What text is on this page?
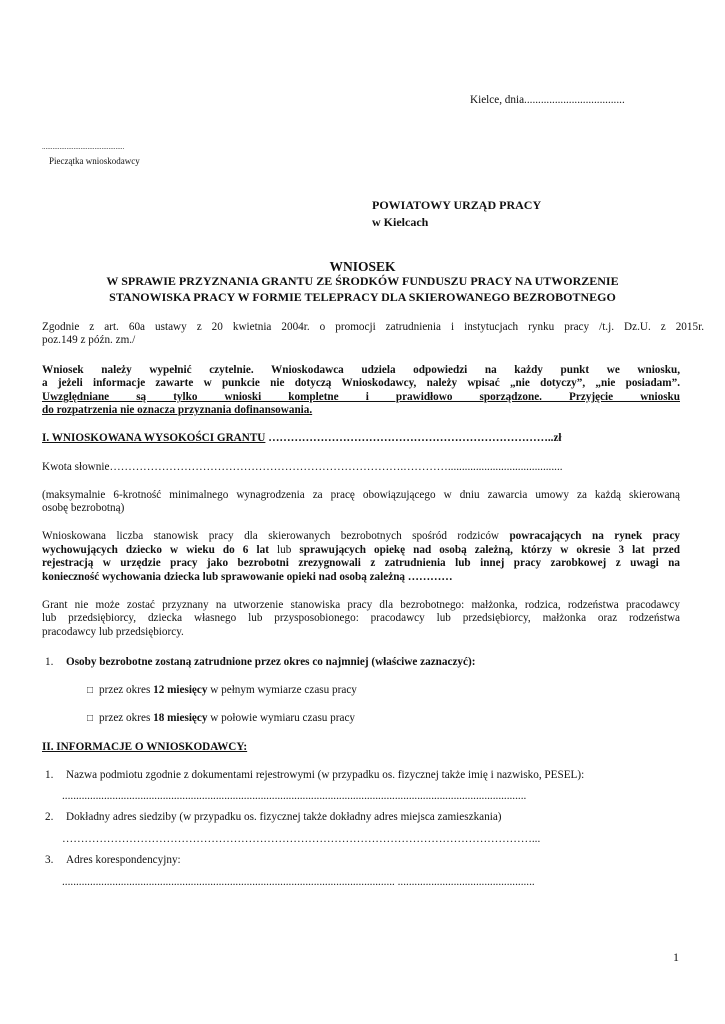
Kielce, dnia....................................
...............................................
Pieczątka wnioskodawcy
POWIATOWY URZĄD PRACY
w Kielcach
WNIOSEK
W SPRAWIE PRZYZNANIA GRANTU ZE ŚRODKÓW FUNDUSZU PRACY NA UTWORZENIE
STANOWISKA PRACY W FORMIE TELEPRACY DLA SKIEROWANEGO BEZROBOTNEGO
Zgodnie z art. 60a ustawy z 20 kwietnia 2004r. o promocji zatrudnienia i instytucjach rynku pracy /t.j. Dz.U. z 2015r.
poz.149 z późn. zm./
Wniosek należy wypełnić czytelnie. Wnioskodawca udziela odpowiedzi na każdy punkt we wniosku,
a jeżeli informacje zawarte w punkcie nie dotyczą Wnioskodawcy, należy wpisać „nie dotyczy”, „nie posiadam”.
Uwzględniane są tylko wnioski kompletne i prawidłowo sporządzone. Przyjęcie wniosku
do rozpatrzenia nie oznacza przyznania dofinansowania.
I. WNIOSKOWANA WYSOKOŚCI GRANTU …………………………………………………………………..zł
Kwota słownie…………………………………………………………………….………….........................................
(maksymalnie 6-krotność minimalnego wynagrodzenia za pracę obowiązującego w dniu zawarcia umowy za każdą skierowaną
osobę bezrobotną)
Wnioskowana liczba stanowisk pracy dla skierowanych bezrobotnych spośród rodziców powracających na rynek pracy
wychowujących dziecko w wieku do 6 lat lub sprawujących opiekę nad osobą zależną, którzy w okresie 3 lat przed
rejestracją w urzędzie pracy jako bezrobotni zrezygnowali z zatrudnienia lub innej pracy zarobkowej z uwagi na
konieczność wychowania dziecka lub sprawowanie opieki nad osobą zależną …………
Grant nie może zostać przyznany na utworzenie stanowiska pracy dla bezrobotnego: małżonka, rodzica, rodzeństwa pracodawcy
lub przedsiębiorcy, dziecka własnego lub przysposobionego: pracodawcy lub przedsiębiorcy, małżonka oraz rodzeństwa
pracodawcy lub przedsiębiorcy.
1. Osoby bezrobotne zostaną zatrudnione przez okres co najmniej (właściwe zaznaczyć):
□ przez okres 12 miesięcy w pełnym wymiarze czasu pracy
□ przez okres 18 miesięcy w połowie wymiaru czasu pracy
II. INFORMACJE O WNIOSKODAWCY:
1. Nazwa podmiotu zgodnie z dokumentami rejestrowymi (w przypadku os. fizycznej także imię i nazwisko, PESEL):
......................................................................................................................................................................
2. Dokładny adres siedziby (w przypadku os. fizycznej także dokładny adres miejsca zamieszkania)
………………………………………………………………………………………………………………...
3. Adres korespondencyjny:
....................................................................................................................... .................................................
1
